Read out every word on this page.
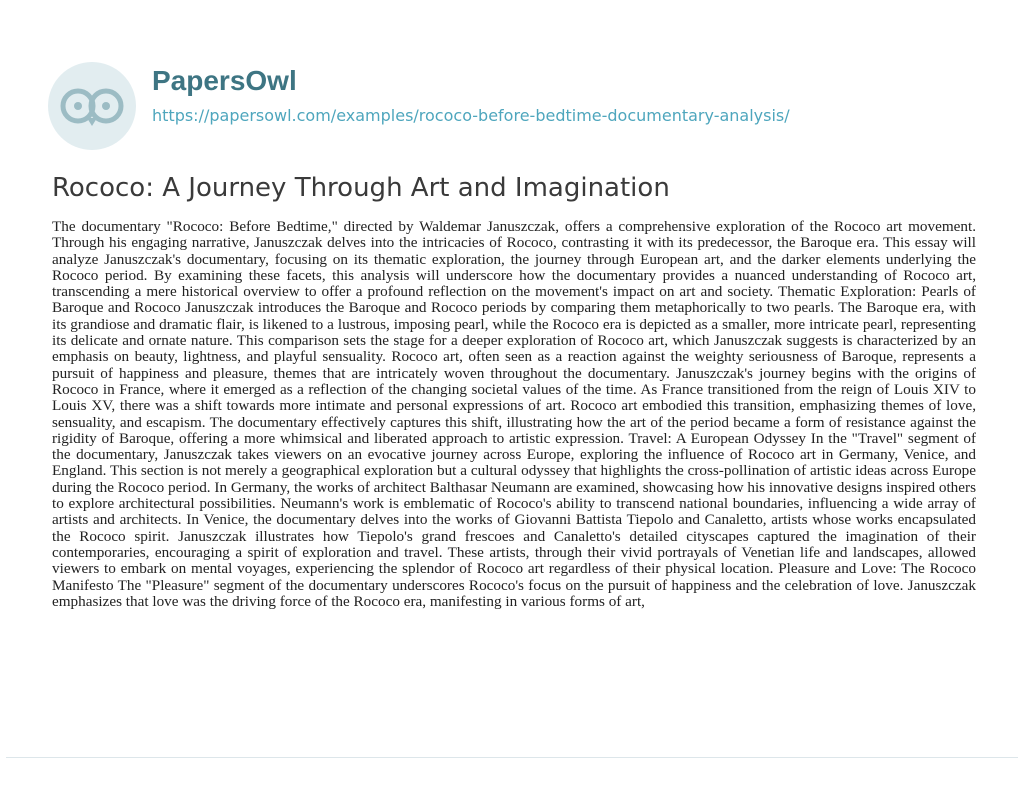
PapersOwl
https://papersowl.com/examples/rococo-before-bedtime-documentary-analysis/
Rococo: A Journey Through Art and Imagination

The documentary "Rococo: Before Bedtime," directed by Waldemar Januszczak, offers a comprehensive exploration of the Rococo art movement. Through his engaging narrative, Januszczak delves into the intricacies of Rococo, contrasting it with its predecessor, the Baroque era. This essay will analyze Januszczak's documentary, focusing on its thematic exploration, the journey through European art, and the darker elements underlying the Rococo period. By examining these facets, this analysis will underscore how the documentary provides a nuanced understanding of Rococo art, transcending a mere historical overview to offer a profound reflection on the movement's impact on art and society. Thematic Exploration: Pearls of Baroque and Rococo Januszczak introduces the Baroque and Rococo periods by comparing them metaphorically to two pearls. The Baroque era, with its grandiose and dramatic flair, is likened to a lustrous, imposing pearl, while the Rococo era is depicted as a smaller, more intricate pearl, representing its delicate and ornate nature. This comparison sets the stage for a deeper exploration of Rococo art, which Januszczak suggests is characterized by an emphasis on beauty, lightness, and playful sensuality. Rococo art, often seen as a reaction against the weighty seriousness of Baroque, represents a pursuit of happiness and pleasure, themes that are intricately woven throughout the documentary. Januszczak's journey begins with the origins of Rococo in France, where it emerged as a reflection of the changing societal values of the time. As France transitioned from the reign of Louis XIV to Louis XV, there was a shift towards more intimate and personal expressions of art. Rococo art embodied this transition, emphasizing themes of love, sensuality, and escapism. The documentary effectively captures this shift, illustrating how the art of the period became a form of resistance against the rigidity of Baroque, offering a more whimsical and liberated approach to artistic expression. Travel: A European Odyssey In the "Travel" segment of the documentary, Januszczak takes viewers on an evocative journey across Europe, exploring the influence of Rococo art in Germany, Venice, and England. This section is not merely a geographical exploration but a cultural odyssey that highlights the cross-pollination of artistic ideas across Europe during the Rococo period. In Germany, the works of architect Balthasar Neumann are examined, showcasing how his innovative designs inspired others to explore architectural possibilities. Neumann's work is emblematic of Rococo's ability to transcend national boundaries, influencing a wide array of artists and architects. In Venice, the documentary delves into the works of Giovanni Battista Tiepolo and Canaletto, artists whose works encapsulated the Rococo spirit. Januszczak illustrates how Tiepolo's grand frescoes and Canaletto's detailed cityscapes captured the imagination of their contemporaries, encouraging a spirit of exploration and travel. These artists, through their vivid portrayals of Venetian life and landscapes, allowed viewers to embark on mental voyages, experiencing the splendor of Rococo art regardless of their physical location. Pleasure and Love: The Rococo Manifesto The "Pleasure" segment of the documentary underscores Rococo's focus on the pursuit of happiness and the celebration of love. Januszczak emphasizes that love was the driving force of the Rococo era, manifesting in various forms of art,
